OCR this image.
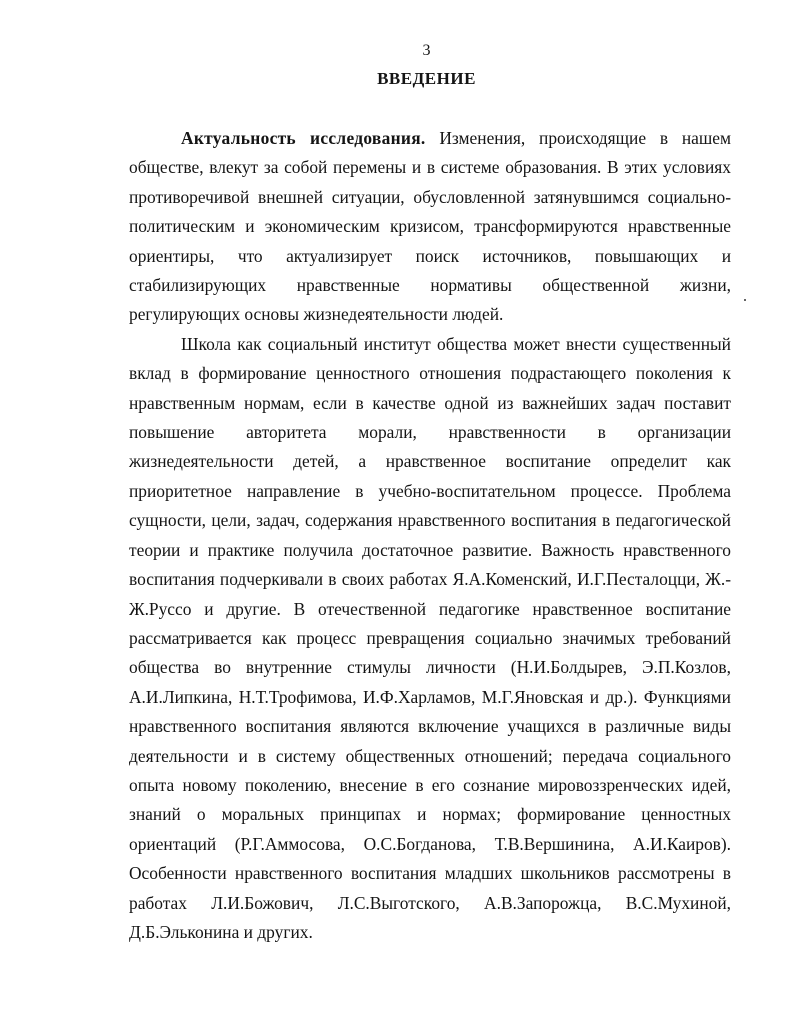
3
ВВЕДЕНИЕ

Актуальность исследования. Изменения, происходящие в нашем обществе, влекут за собой перемены и в системе образования. В этих условиях противоречивой внешней ситуации, обусловленной затянувшимся социально-политическим и экономическим кризисом, трансформируются нравственные ориентиры, что актуализирует поиск источников, повышающих и стабилизирующих нравственные нормативы общественной жизни, регулирующих основы жизнедеятельности людей.

Школа как социальный институт общества может внести существенный вклад в формирование ценностного отношения подрастающего поколения к нравственным нормам, если в качестве одной из важнейших задач поставит повышение авторитета морали, нравственности в организации жизнедеятельности детей, а нравственное воспитание определит как приоритетное направление в учебно-воспитательном процессе. Проблема сущности, цели, задач, содержания нравственного воспитания в педагогической теории и практике получила достаточное развитие. Важность нравственного воспитания подчеркивали в своих работах Я.А.Коменский, И.Г.Песталоцци, Ж.-Ж.Руссо и другие. В отечественной педагогике нравственное воспитание рассматривается как процесс превращения социально значимых требований общества во внутренние стимулы личности (Н.И.Болдырев, Э.П.Козлов, А.И.Липкина, Н.Т.Трофимова, И.Ф.Харламов, М.Г.Яновская и др.). Функциями нравственного воспитания являются включение учащихся в различные виды деятельности и в систему общественных отношений; передача социального опыта новому поколению, внесение в его сознание мировоззренческих идей, знаний о моральных принципах и нормах; формирование ценностных ориентаций (Р.Г.Аммосова, О.С.Богданова, Т.В.Вершинина, А.И.Каиров). Особенности нравственного воспитания младших школьников рассмотрены в работах Л.И.Божович, Л.С.Выготского, А.В.Запорожца, В.С.Мухиной, Д.Б.Эльконина и других.
